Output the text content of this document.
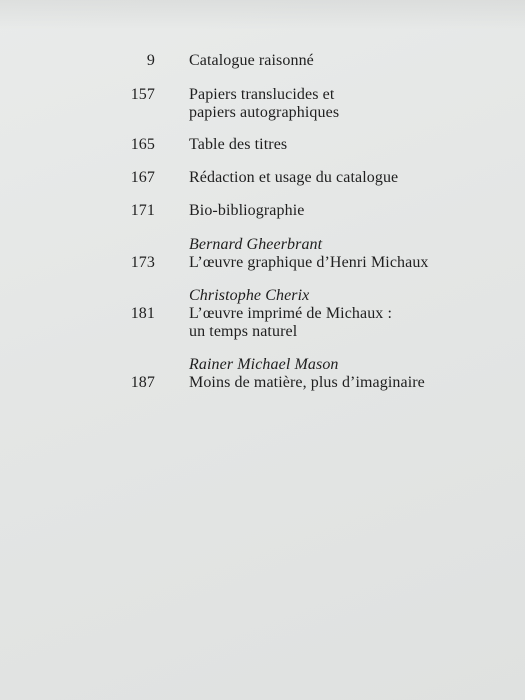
9 Catalogue raisonné
157 Papiers translucides et
papiers autographiques
165 Table des titres
167 Rédaction et usage du catalogue
171 Bio-bibliographie
Bernard Gheerbrant
173 L’œuvre graphique d’Henri Michaux
Christophe Cherix
181 L’œuvre imprimé de Michaux :
un temps naturel
Rainer Michael Mason
187 Moins de matière, plus d’imaginaire
